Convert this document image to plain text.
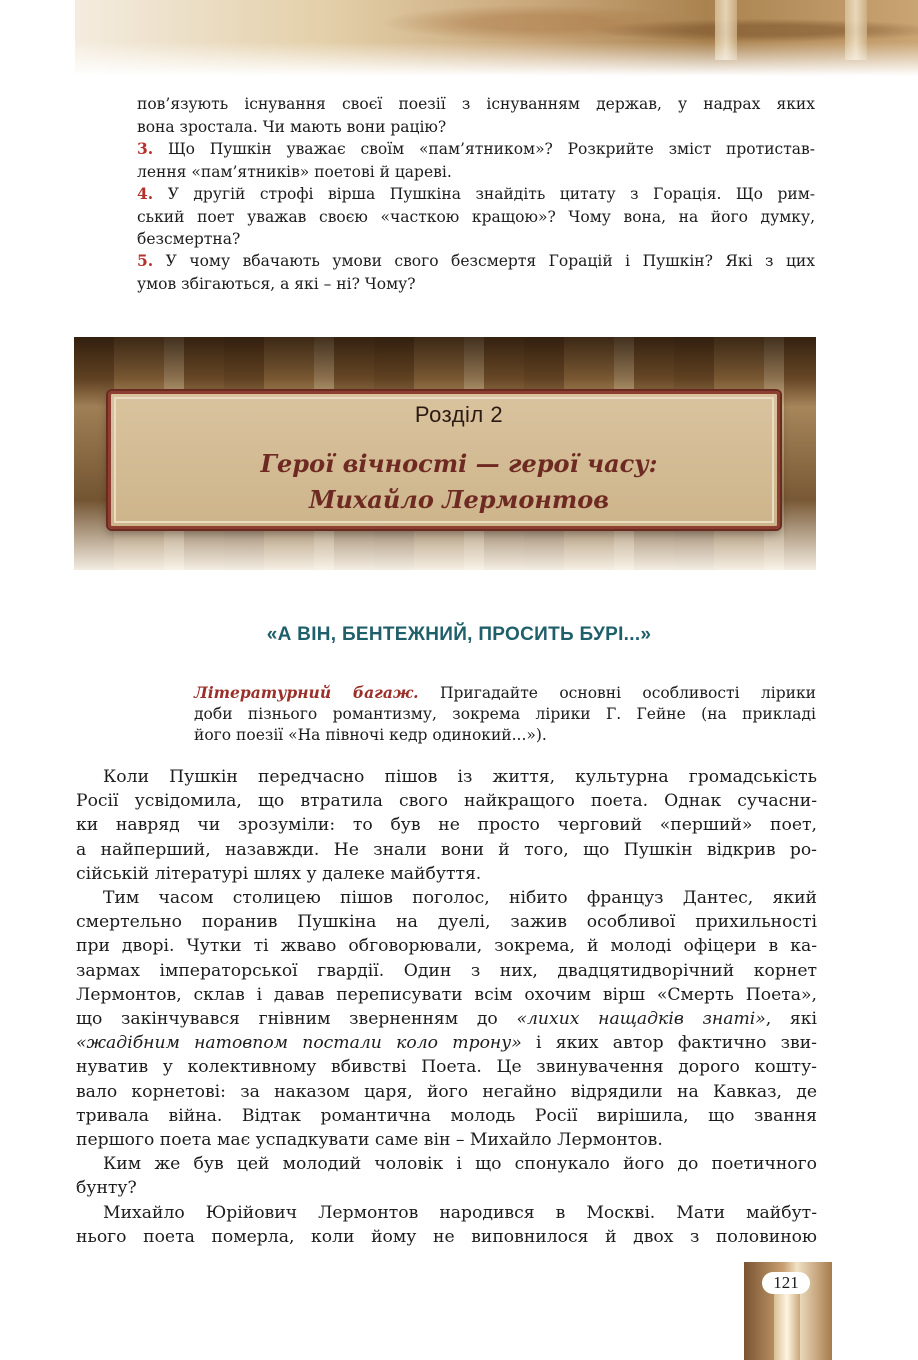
пов’язують існування своєї поезії з існуванням держав, у надрах яких
вона зростала. Чи мають вони рацію?
3. Що Пушкін уважає своїм «пам’ятником»? Розкрийте зміст протистав-
лення «пам’ятників» поетові й цареві.
4. У другій строфі вірша Пушкіна знайдіть цитату з Горація. Що рим-
ський поет уважав своєю «часткою кращою»? Чому вона, на його думку,
безсмертна?
5. У чому вбачають умови свого безсмертя Горацій і Пушкін? Які з цих
умов збігаються, а які – ні? Чому?
Розділ 2
Герої вічності — герої часу:
Михайло Лермонтов
«А ВІН, БЕНТЕЖНИЙ, ПРОСИТЬ БУРІ...»
Літературний багаж. Пригадайте основні особливості лірики
доби пізнього романтизму, зокрема лірики Г. Гейне (на прикладі
його поезії «На півночі кедр одинокий...»).

Коли Пушкін передчасно пішов із життя, культурна громадськість
Росії усвідомила, що втратила свого найкращого поета. Однак сучасни-
ки навряд чи зрозуміли: то був не просто черговий «перший» поет,
а найперший, назавжди. Не знали вони й того, що Пушкін відкрив ро-
сійській літературі шлях у далеке майбуття.

Тим часом столицею пішов поголос, нібито француз Дантес, який
смертельно поранив Пушкіна на дуелі, зажив особливої прихильності
при дворі. Чутки ті жваво обговорювали, зокрема, й молоді офіцери в ка-
зармах імператорської гвардії. Один з них, двадцятидворічний корнет
Лермонтов, склав і давав переписувати всім охочим вірш «Смерть Поета»,
що закінчувався гнівним зверненням до «лихих нащадків знаті», які
«жадібним натовпом постали коло трону» і яких автор фактично зви-
нуватив у колективному вбивстві Поета. Це звинувачення дорого кошту-
вало корнетові: за наказом царя, його негайно відрядили на Кавказ, де
тривала війна. Відтак романтична молодь Росії вирішила, що звання
першого поета має успадкувати саме він – Михайло Лермонтов.

Ким же був цей молодий чоловік і що спонукало його до поетичного
бунту?

Михайло Юрійович Лермонтов народився в Москві. Мати майбут-
нього поета померла, коли йому не виповнилося й двох з половиною

121
